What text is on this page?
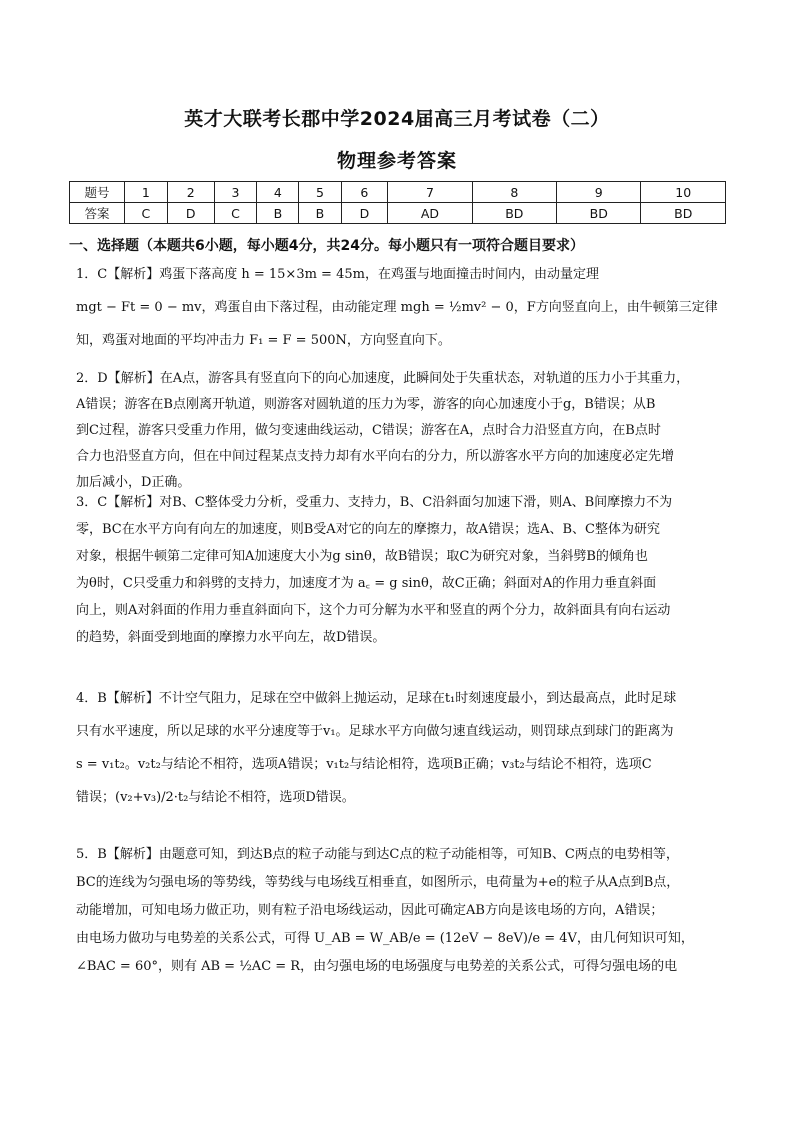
英才大联考长郡中学2024届高三月考试卷（二）
物理参考答案
题号	1	2	3	4	5	6	7	8	9	10
答案	C	D	C	B	B	D	AD	BD	BD	BD
一、选择题（本题共6小题，每小题4分，共24分。每小题只有一项符合题目要求）
1．C【解析】鸡蛋下落高度 h = 15×3m = 45m，在鸡蛋与地面撞击时间内，由动量定理
mgt − Ft = 0 − mv，鸡蛋自由下落过程，由动能定理 mgh = ½mv² − 0，F方向竖直向上，由牛顿第三定律
知，鸡蛋对地面的平均冲击力 F₁ = F = 500N，方向竖直向下。
2．D【解析】在A点，游客具有竖直向下的向心加速度，此瞬间处于失重状态，对轨道的压力小于其重力，
A错误；游客在B点刚离开轨道，则游客对圆轨道的压力为零，游客的向心加速度小于g，B错误；从B
到C过程，游客只受重力作用，做匀变速曲线运动，C错误；游客在A，点时合力沿竖直方向，在B点时
合力也沿竖直方向，但在中间过程某点支持力却有水平向右的分力，所以游客水平方向的加速度必定先增
加后减小，D正确。
3．C【解析】对B、C整体受力分析，受重力、支持力，B、C沿斜面匀加速下滑，则A、B间摩擦力不为
零，BC在水平方向有向左的加速度，则B受A对它的向左的摩擦力，故A错误；选A、B、C整体为研究
对象，根据牛顿第二定律可知A加速度大小为g sinθ，故B错误；取C为研究对象，当斜劈B的倾角也
为θ时，C只受重力和斜劈的支持力，加速度才为 a꜀ = g sinθ，故C正确；斜面对A的作用力垂直斜面
向上，则A对斜面的作用力垂直斜面向下，这个力可分解为水平和竖直的两个分力，故斜面具有向右运动
的趋势，斜面受到地面的摩擦力水平向左，故D错误。
4．B【解析】不计空气阻力，足球在空中做斜上抛运动，足球在t₁时刻速度最小，到达最高点，此时足球
只有水平速度，所以足球的水平分速度等于v₁。足球水平方向做匀速直线运动，则罚球点到球门的距离为
s = v₁t₂。v₂t₂与结论不相符，选项A错误；v₁t₂与结论相符，选项B正确；v₃t₂与结论不相符，选项C
错误；(v₂+v₃)/2·t₂与结论不相符，选项D错误。
5．B【解析】由题意可知，到达B点的粒子动能与到达C点的粒子动能相等，可知B、C两点的电势相等，
BC的连线为匀强电场的等势线，等势线与电场线互相垂直，如图所示，电荷量为+e的粒子从A点到B点，
动能增加，可知电场力做正功，则有粒子沿电场线运动，因此可确定AB方向是该电场的方向，A错误；
由电场力做功与电势差的关系公式，可得 U_AB = W_AB/e = (12eV − 8eV)/e = 4V，由几何知识可知，
∠BAC = 60°，则有 AB = ½AC = R，由匀强电场的电场强度与电势差的关系公式，可得匀强电场的电
